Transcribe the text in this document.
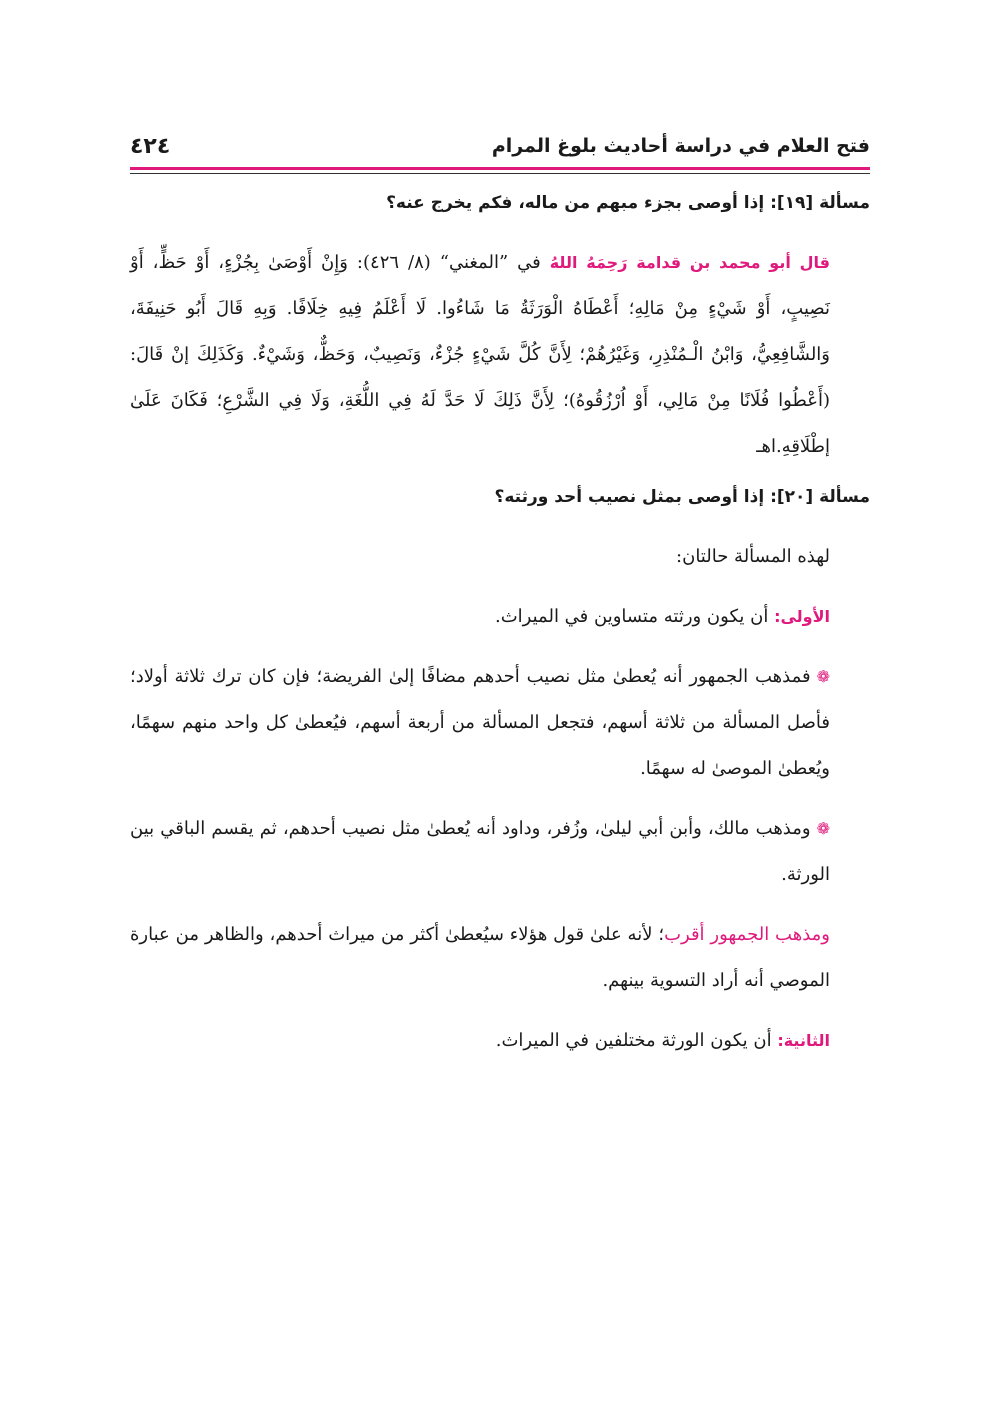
فتح العلام في دراسة أحاديث بلوغ المرام
٤٢٤

مسألة [١٩]: إذا أوصى بجزء مبهم من ماله، فكم يخرج عنه؟

قال أبو محمد بن قدامة رَحِمَهُ اللهُ في ”المغني“ (٨/ ٤٢٦): وَإِنْ أَوْصَىٰ بِجُزْءٍ، أَوْ حَظٍّ، أَوْ نَصِيبٍ، أَوْ شَيْءٍ مِنْ مَالِهِ؛ أَعْطَاهُ الْوَرَثَةُ مَا شَاءُوا. لَا أَعْلَمُ فِيهِ خِلَافًا. وَبِهِ قَالَ أَبُو حَنِيفَةَ، وَالشَّافِعِيُّ، وَابْنُ الْـمُنْذِرِ، وَغَيْرُهُمْ؛ لِأَنَّ كُلَّ شَيْءٍ جُزْءٌ، وَنَصِيبٌ، وَحَظٌّ، وَشَيْءٌ. وَكَذَلِكَ إنْ قَالَ: (أَعْطُوا فُلَانًا مِنْ مَالِي، أَوْ اُرْزُقُوهُ)؛ لِأَنَّ ذَلِكَ لَا حَدَّ لَهُ فِي اللُّغَةِ، وَلَا فِي الشَّرْعِ؛ فَكَانَ عَلَىٰ إطْلَاقِهِ.اهـ

مسألة [٢٠]: إذا أوصى بمثل نصيب أحد ورثته؟

لهذه المسألة حالتان:

الأولى: أن يكون ورثته متساوين في الميراث.

❁فمذهب الجمهور أنه يُعطىٰ مثل نصيب أحدهم مضافًا إلىٰ الفريضة؛ فإن كان ترك ثلاثة أولاد؛ فأصل المسألة من ثلاثة أسهم، فتجعل المسألة من أربعة أسهم، فيُعطىٰ كل واحد منهم سهمًا، ويُعطىٰ الموصىٰ له سهمًا.

❁ومذهب مالك، وأبن أبي ليلىٰ، وزُفر، وداود أنه يُعطىٰ مثل نصيب أحدهم، ثم يقسم الباقي بين الورثة.

ومذهب الجمهور أقرب؛ لأنه علىٰ قول هؤلاء سيُعطىٰ أكثر من ميراث أحدهم، والظاهر من عبارة الموصي أنه أراد التسوية بينهم.

الثانية: أن يكون الورثة مختلفين في الميراث.
